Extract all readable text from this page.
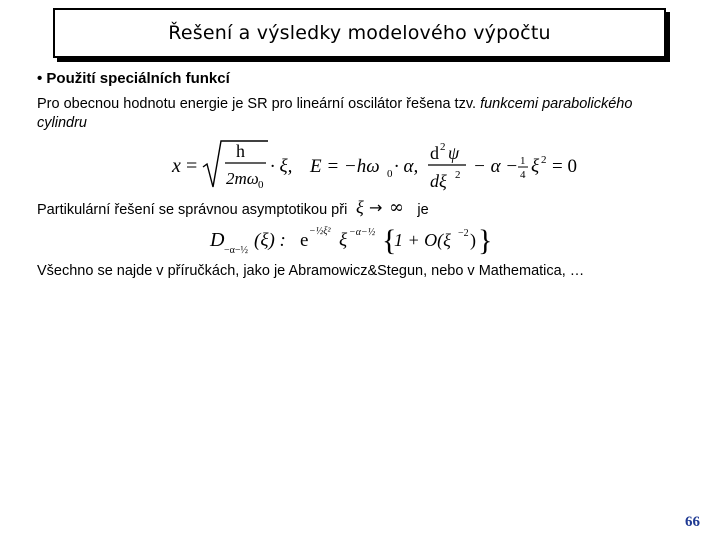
Řešení a výsledky modelového výpočtu
• Použití speciálních funkcí
Pro obecnou hodnotu energie je SR pro lineární oscilátor řešena tzv. funkcemi parabolického cylindru
x =
h
2mω 0
· ξ, E = −hω 0 · α,
d 2 ψ
dξ 2 − α − 1
4 ξ 2 = 0
Partikulární řešení se správnou asymptotikou při ξ → ∞ je
D −α−½ (ξ) : e −½ξ² ξ −α−½ {
1 + O(ξ −2 ) }
Všechno se najde v příručkách, jako je Abramowicz&Stegun, nebo v Mathematica, …
66
